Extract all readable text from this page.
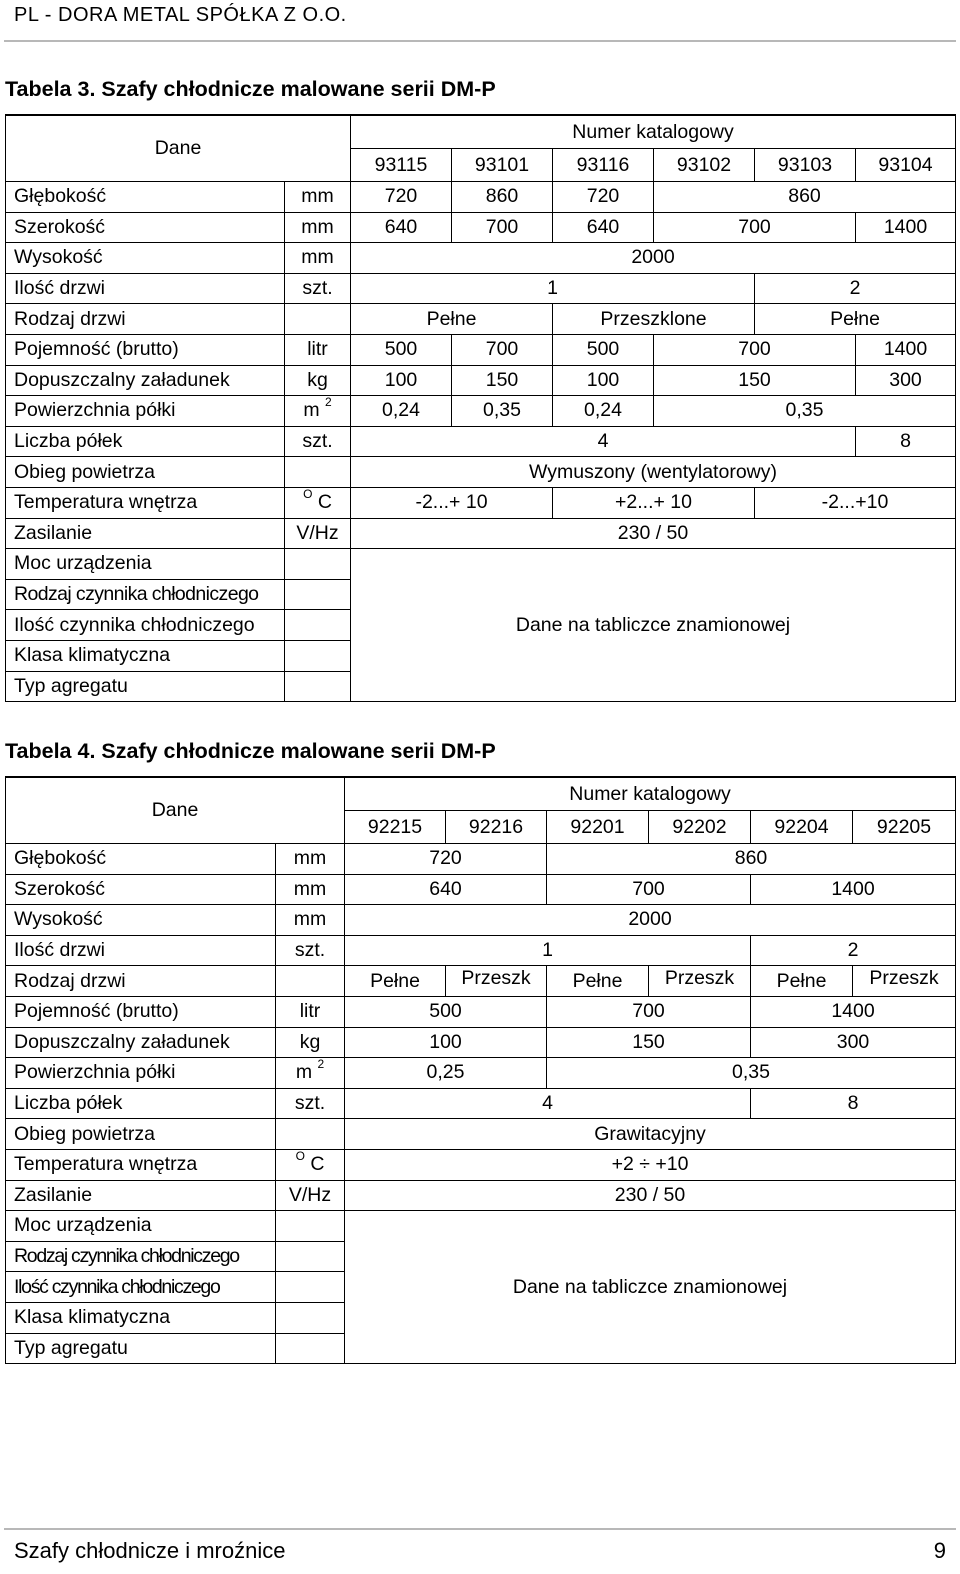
PL - DORA METAL SPÓŁKA Z O.O.
Tabela 3. Szafy chłodnicze malowane serii DM-P
Dane		Numer katalogowy					
		93115	93101	93116	93102	93103	93104
Głębokość	mm	720	860	720	860		
Szerokość	mm	640	700	640	700		1400
Wysokość	mm	2000					
Ilość drzwi	szt.	1				2	
Rodzaj drzwi		Pełne		Przeszklone		Pełne	
Pojemność (brutto)	litr	500	700	500	700		1400
Dopuszczalny załadunek	kg	100	150	100	150		300
Powierzchnia półki	m $^2$	0,24	0,35	0,24	0,35		
Liczba półek	szt.	4					8
Obieg powietrza		Wymuszony (wentylatorowy)					
Temperatura wnętrza	$^O$ C	-2...+ 10		+2...+ 10		-2...+10	
Zasilanie	V/Hz	230 / 50					
Moc urządzenia		Dane na tabliczce znamionowej					
Rodzaj czynnika chłodniczego							
Ilość czynnika chłodniczego							
Klasa klimatyczna							
Typ agregatu							
Tabela 4. Szafy chłodnicze malowane serii DM-P
Dane		Numer katalogowy					
		92215	92216	92201	92202	92204	92205
Głębokość	mm	720		860			
Szerokość	mm	640		700		1400	
Wysokość	mm	2000					
Ilość drzwi	szt.	1				2	
Rodzaj drzwi		Pełne	Przeszk	Pełne	Przeszk	Pełne	Przeszk
Pojemność (brutto)	litr	500		700		1400	
Dopuszczalny załadunek	kg	100		150		300	
Powierzchnia półki	m $^2$	0,25		0,35			
Liczba półek	szt.	4				8	
Obieg powietrza		Grawitacyjny					
Temperatura wnętrza	$^O$ C	+2 ÷ +10					
Zasilanie	V/Hz	230 / 50					
Moc urządzenia		Dane na tabliczce znamionowej					
Rodzaj czynnika chłodniczego							
Ilość czynnika chłodniczego							
Klasa klimatyczna							
Typ agregatu							
Szafy chłodnicze i mroźnice	9
